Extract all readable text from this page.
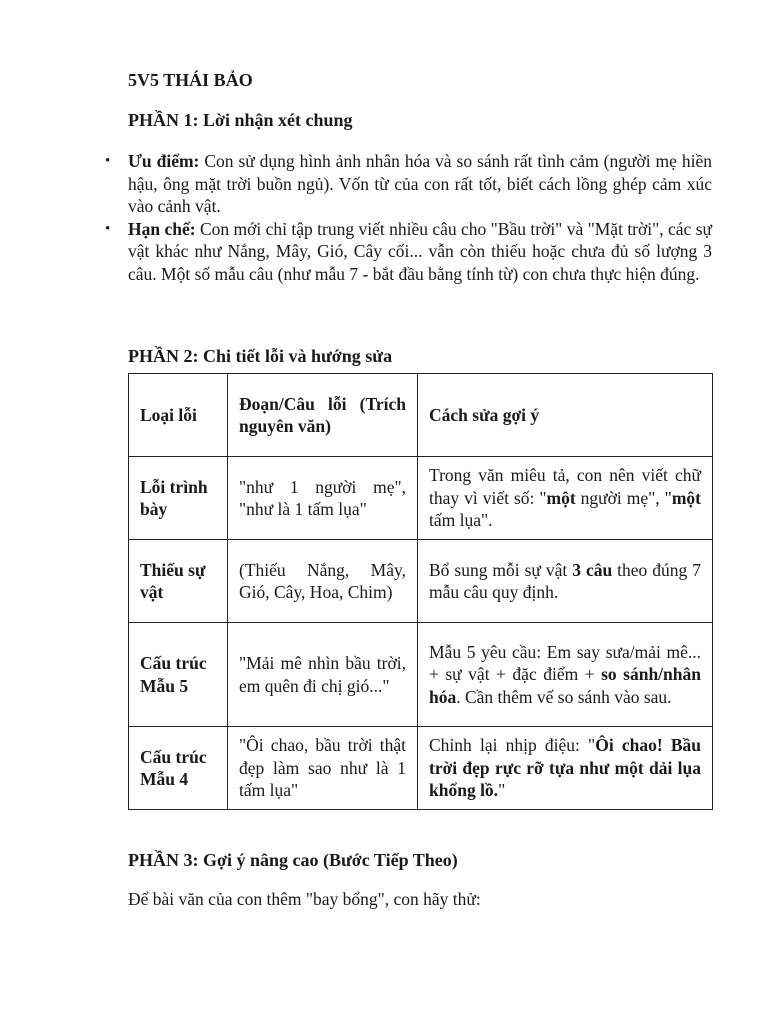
5V5 THÁI BẢO
PHẦN 1: Lời nhận xét chung
• Ưu điểm: Con sử dụng hình ảnh nhân hóa và so sánh rất tình cảm (người mẹ hiền hậu, ông mặt trời buồn ngủ). Vốn từ của con rất tốt, biết cách lồng ghép cảm xúc vào cảnh vật.
• Hạn chế: Con mới chỉ tập trung viết nhiều câu cho "Bầu trời" và "Mặt trời", các sự vật khác như Nắng, Mây, Gió, Cây cối... vẫn còn thiếu hoặc chưa đủ số lượng 3 câu. Một số mẫu câu (như mẫu 7 - bắt đầu bằng tính từ) con chưa thực hiện đúng.
PHẦN 2: Chi tiết lỗi và hướng sửa
Loại lỗi	Đoạn/Câu lỗi (Trích nguyên văn)	Cách sửa gợi ý
Lỗi trình bày	"như 1 người mẹ", "như là 1 tấm lụa"	Trong văn miêu tả, con nên viết chữ thay vì viết số: "một người mẹ", "một tấm lụa".
Thiếu sự vật	(Thiếu Nắng, Mây, Gió, Cây, Hoa, Chim)	Bổ sung mỗi sự vật 3 câu theo đúng 7 mẫu câu quy định.
Cấu trúc Mẫu 5	"Mải mê nhìn bầu trời, em quên đi chị gió..."	Mẫu 5 yêu cầu: Em say sưa/mải mê... + sự vật + đặc điểm + so sánh/nhân hóa. Cần thêm vế so sánh vào sau.
Cấu trúc Mẫu 4	"Ôi chao, bầu trời thật đẹp làm sao như là 1 tấm lụa"	Chỉnh lại nhịp điệu: "Ôi chao! Bầu trời đẹp rực rỡ tựa như một dải lụa khổng lồ."
PHẦN 3: Gợi ý nâng cao (Bước Tiếp Theo)
Để bài văn của con thêm "bay bổng", con hãy thử:
